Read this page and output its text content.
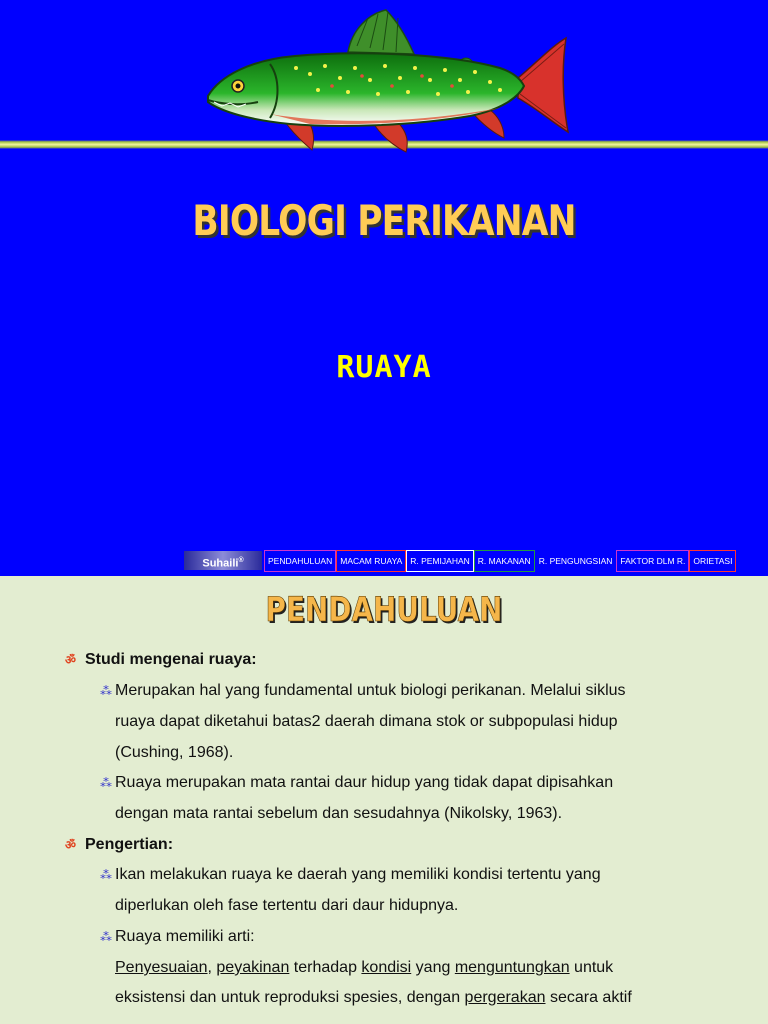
BIOLOGI PERIKANAN
RUAYA
Suhaili®	PENDAHULUAN MACAM RUAYA R. PEMIJAHAN R. MAKANAN R. PENGUNGSIAN FAKTOR DLM R. ORIETASI
PENDAHULUAN
ॐ Studi mengenai ruaya:
⁂ Merupakan hal yang fundamental untuk biologi perikanan. Melalui siklus
ruaya dapat diketahui batas2 daerah dimana stok or subpopulasi hidup
(Cushing, 1968).
⁂ Ruaya merupakan mata rantai daur hidup yang tidak dapat dipisahkan
dengan mata rantai sebelum dan sesudahnya (Nikolsky, 1963).
ॐ Pengertian:
⁂ Ikan melakukan ruaya ke daerah yang memiliki kondisi tertentu yang
diperlukan oleh fase tertentu dari daur hidupnya.
⁂ Ruaya memiliki arti:
Penyesuaian, peyakinan terhadap kondisi yang menguntungkan untuk
eksistensi dan untuk reproduksi spesies, dengan pergerakan secara aktif
